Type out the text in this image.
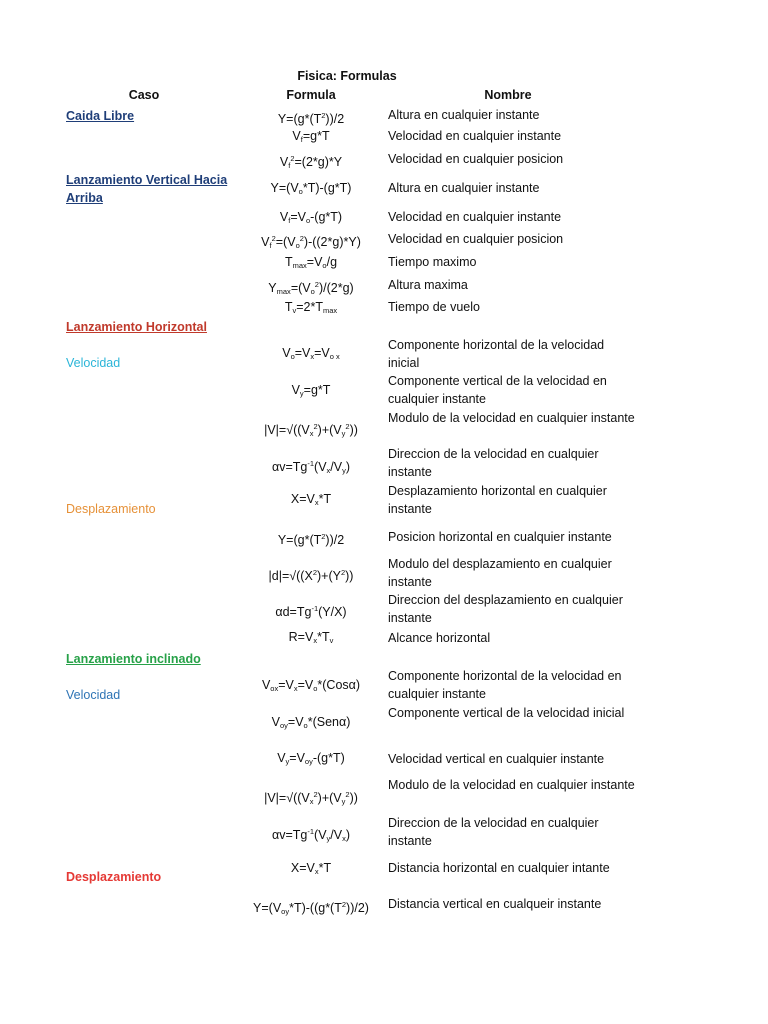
Fisica: Formulas
Caso	Formula	Nombre
Caida Libre
Lanzamiento Vertical Hacia
Arriba
Lanzamiento Horizontal
Velocidad
Desplazamiento
Lanzamiento inclinado
Velocidad
Desplazamiento
$Y=(g*(T^2))/2$
$V_f=g*T$
$V_f^2=(2*g)*Y$
$Y=(V_o*T)-(g*T)$
$V_f=V_o-(g*T)$
$V_f^2=(V_o^2)-((2*g)*Y)$
$T_{max}=V_o/g$
$Y_{max}=(V_o^2)/(2*g)$
$T_v=2*T_{max}$
$V_o=V_x=V_{o x}$
$V_y=g*T$
$|V|=√((V_x^2)+(V_y^2))$
$\alpha v=Tg^{-1}(V_x/V_y)$
$X=V_x*T$
$Y=(g*(T^2))/2$
$|d|=√((X^2)+(Y^2))$
$\alpha d=Tg^{-1}(Y/X)$
$R=V_x*T_v$
$V_{ox}=V_x=V_o*(Cos\alpha)$
$V_{oy}=V_o*(Sen\alpha)$
$V_y=V_{oy}-(g*T)$
$|V|=√((V_x^2)+(V_y^2))$
$\alpha v=Tg^{-1}(V_y/V_x)$
$X=V_x*T$
$Y=(V_{oy}*T)-((g*(T^2))/2)$
Altura en cualquier instante
Velocidad en cualquier instante
Velocidad en cualquier posicion
Altura en cualquier instante
Velocidad en cualquier instante
Velocidad en cualquier posicion
Tiempo maximo
Altura maxima
Tiempo de vuelo
Componente horizontal de la velocidad inicial
Componente vertical de la velocidad en cualquier instante
Modulo de la velocidad en cualquier instante
Direccion de la velocidad en cualquier instante
Desplazamiento horizontal en cualquier instante
Posicion horizontal en cualquier instante
Modulo del desplazamiento en cualquier instante
Direccion del desplazamiento en cualquier instante
Alcance horizontal
Componente horizontal de la velocidad en cualquier instante
Componente vertical de la velocidad inicial
Velocidad vertical en cualquier instante
Modulo de la velocidad en cualquier instante
Direccion de la velocidad en cualquier instante
Distancia horizontal en cualquier intante
Distancia vertical en cualqueir instante
